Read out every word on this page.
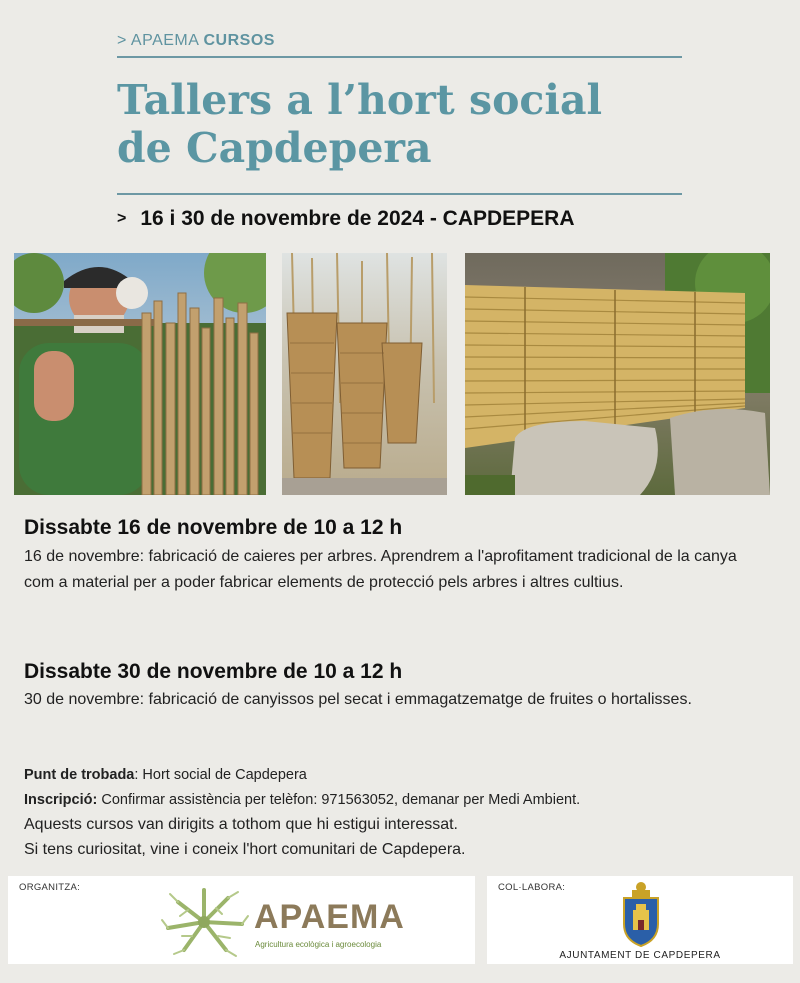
> APAEMA CURSOS
Tallers a l’hort social
de Capdepera
> 16 i 30 de novembre de 2024 - CAPDEPERA
Dissabte 16 de novembre de 10 a 12 h
16 de novembre: fabricació de caieres per arbres. Aprendrem a l'aprofitament tradicional de la canya com a material per a poder fabricar elements de protecció pels arbres i altres cultius.
Dissabte 30 de novembre de 10 a 12 h
30 de novembre: fabricació de canyissos pel secat i emmagatzematge de fruites o hortalisses.
Punt de trobada: Hort social de Capdepera
Inscripció: Confirmar assistència per telèfon: 971563052, demanar per Medi Ambient.
Aquests cursos van dirigits a tothom que hi estigui interessat.
Si tens curiositat, vine i coneix l'hort comunitari de Capdepera.
ORGANITZA:
APAEMA
Agricultura ecològica i agroecologia
COL·LABORA:
AJUNTAMENT DE CAPDEPERA
